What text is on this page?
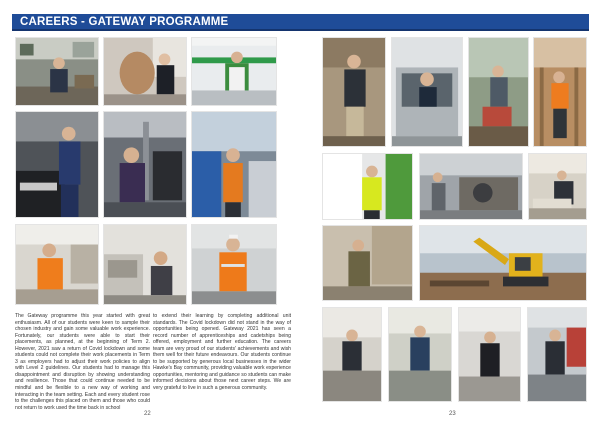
CAREERS - GATEWAY PROGRAMME

The Gateway programme this year started with great enthusiasm. All of our students were keen to sample their chosen industry and gain some valuable work experience. Fortunately, our students were able to start their placements, as planned, at the beginning of Term 2. However, 2021 saw a return of Covid lockdown and some students could not complete their work placements in Term 3 as employers had to adjust their work policies to align with Level 2 guidelines. Our students had to manage this disappointment and disruption by showing understanding and resilience. Those that could continue needed to be mindful and be flexible to a new way of working and interacting in the team setting. Each and every student rose to the challenges this placed on them and those who could not return to work used the time back in school

to extend their learning by completing additional unit standards. The Covid lockdown did not stand in the way of opportunities being opened. Gateway 2021 has seen a record number of apprenticeships and cadetships being offered, employment and further education. The careers team are very proud of our students' achievements and wish them well for their future endeavours. Our students continue to be supported by generous local businesses in the wider Hawke's Bay community, providing valuable work experience opportunities, mentoring and guidance so students can make informed decisions about those next career steps. We are very grateful to live in such a generous community.

22	23
